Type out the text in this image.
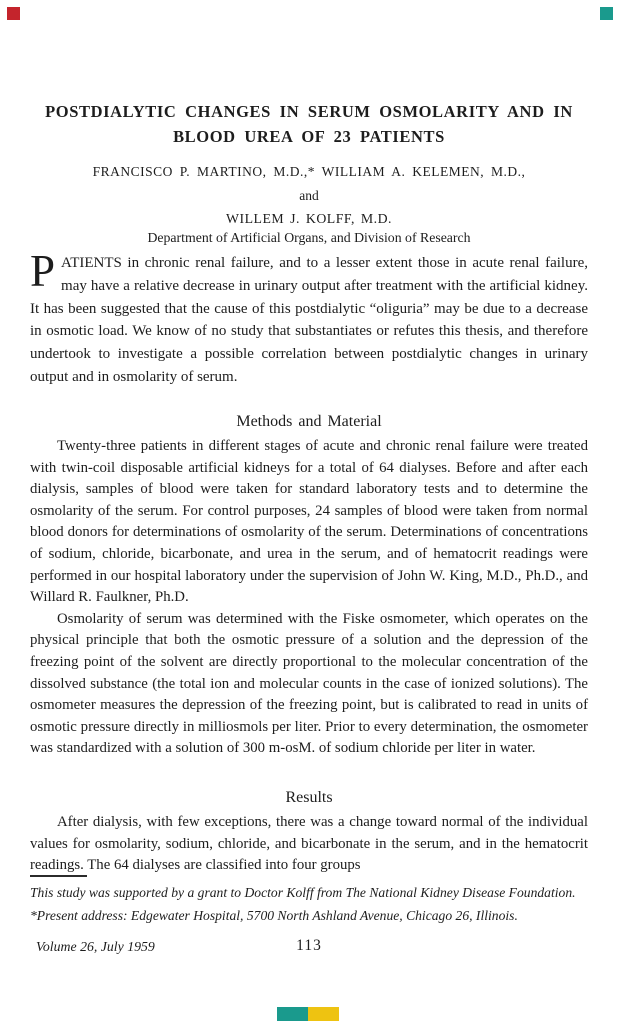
POSTDIALYTIC CHANGES IN SERUM OSMOLARITY AND IN
BLOOD UREA OF 23 PATIENTS
FRANCISCO P. MARTINO, M.D.,* WILLIAM A. KELEMEN, M.D.,
and
WILLEM J. KOLFF, M.D.
Department of Artificial Organs, and Division of Research

PATIENTS in chronic renal failure, and to a lesser extent those in acute renal failure, may have a relative decrease in urinary output after treatment with the artificial kidney. It has been suggested that the cause of this postdialytic “oliguria” may be due to a decrease in osmotic load. We know of no study that substantiates or refutes this thesis, and therefore undertook to investigate a possible correlation between postdialytic changes in urinary output and in osmolarity of serum.

Methods and Material

Twenty-three patients in different stages of acute and chronic renal failure were treated with twin-coil disposable artificial kidneys for a total of 64 dialyses. Before and after each dialysis, samples of blood were taken for standard laboratory tests and to determine the osmolarity of the serum. For control purposes, 24 samples of blood were taken from normal blood donors for determinations of osmolarity of the serum. Determinations of concentrations of sodium, chloride, bicarbonate, and urea in the serum, and of hematocrit readings were performed in our hospital laboratory under the supervision of John W. King, M.D., Ph.D., and Willard R. Faulkner, Ph.D.

Osmolarity of serum was determined with the Fiske osmometer, which operates on the physical principle that both the osmotic pressure of a solution and the depression of the freezing point of the solvent are directly proportional to the molecular concentration of the dissolved substance (the total ion and molecular counts in the case of ionized solutions). The osmometer measures the depression of the freezing point, but is calibrated to read in units of osmotic pressure directly in milliosmols per liter. Prior to every determination, the osmometer was standardized with a solution of 300 m-osM. of sodium chloride per liter in water.

Results

After dialysis, with few exceptions, there was a change toward normal of the individual values for osmolarity, sodium, chloride, and bicarbonate in the serum, and in the hematocrit readings. The 64 dialyses are classified into four groups

This study was supported by a grant to Doctor Kolff from The National Kidney Disease Foundation.

*Present address: Edgewater Hospital, 5700 North Ashland Avenue, Chicago 26, Illinois.

113
Volume 26, July 1959
